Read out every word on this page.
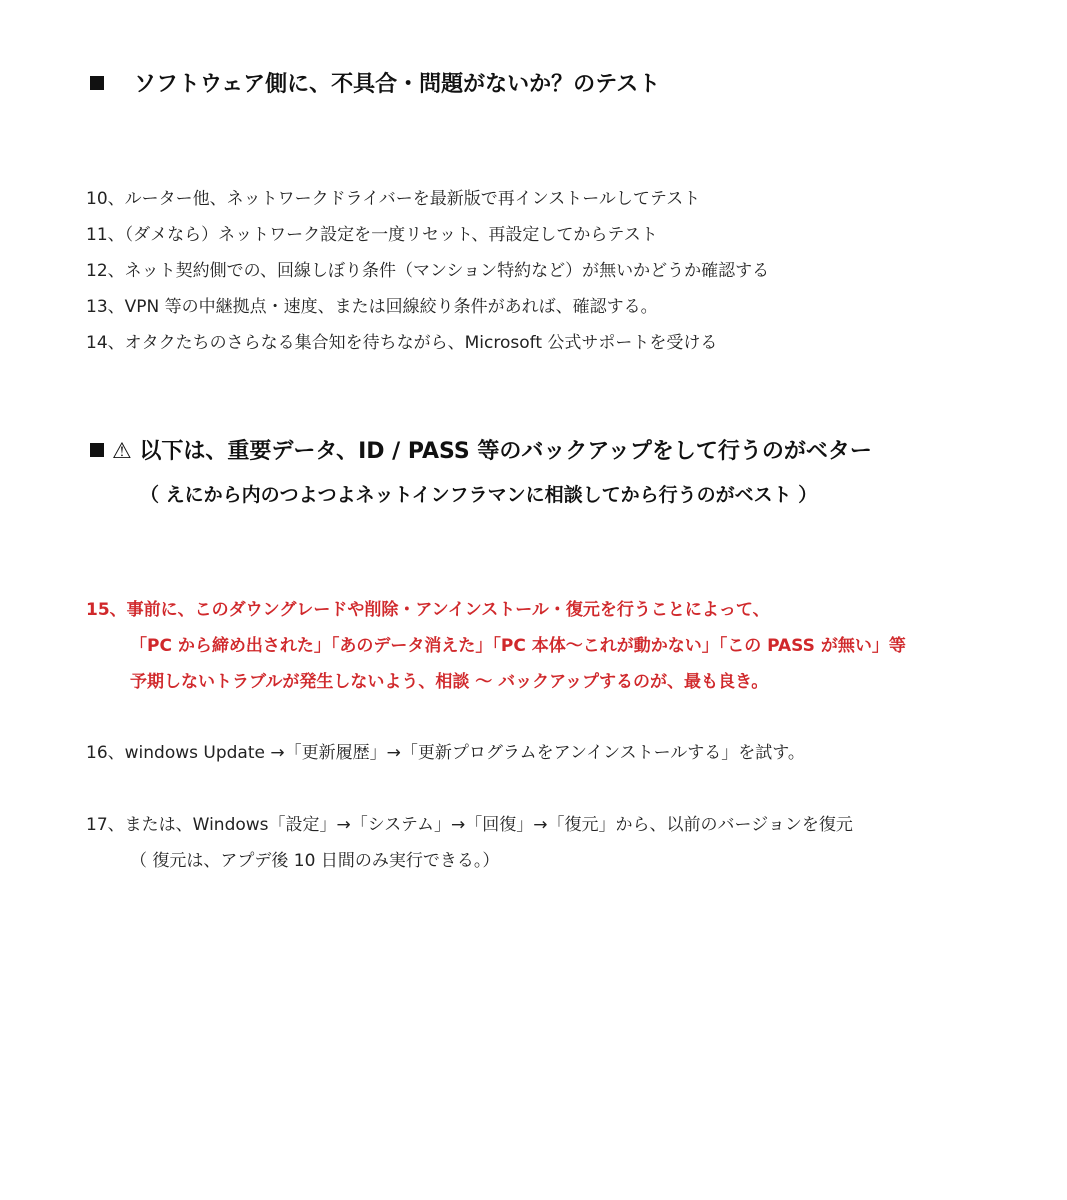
ソフトウェア側に、不具合・問題がないか？のテスト
10、ルーター他、ネットワークドライバーを最新版で再インストールしてテスト
11、（ダメなら）ネットワーク設定を一度リセット、再設定してからテスト
12、ネット契約側での、回線しぼり条件（マンション特約など）が無いかどうか確認する
13、VPN 等の中継拠点・速度、または回線絞り条件があれば、確認する。
14、オタクたちのさらなる集合知を待ちながら、Microsoft 公式サポートを受ける
⚠ 以下は、重要データ、ID / PASS 等のバックアップをして行うのがベター
（ えにから内のつよつよネットインフラマンに相談してから行うのがベスト ）
15、事前に、このダウングレードや削除・アンインストール・復元を行うことによって、
「PC から締め出された」「あのデータ消えた」「PC 本体〜これが動かない」「この PASS が無い」等
予期しないトラブルが発生しないよう、相談 〜 バックアップするのが、最も良き。
16、windows Update →「更新履歴」→「更新プログラムをアンインストールする」を試す。
17、または、Windows「設定」→「システム」→「回復」→「復元」から、以前のバージョンを復元
（ 復元は、アプデ後 10 日間のみ実行できる。）
